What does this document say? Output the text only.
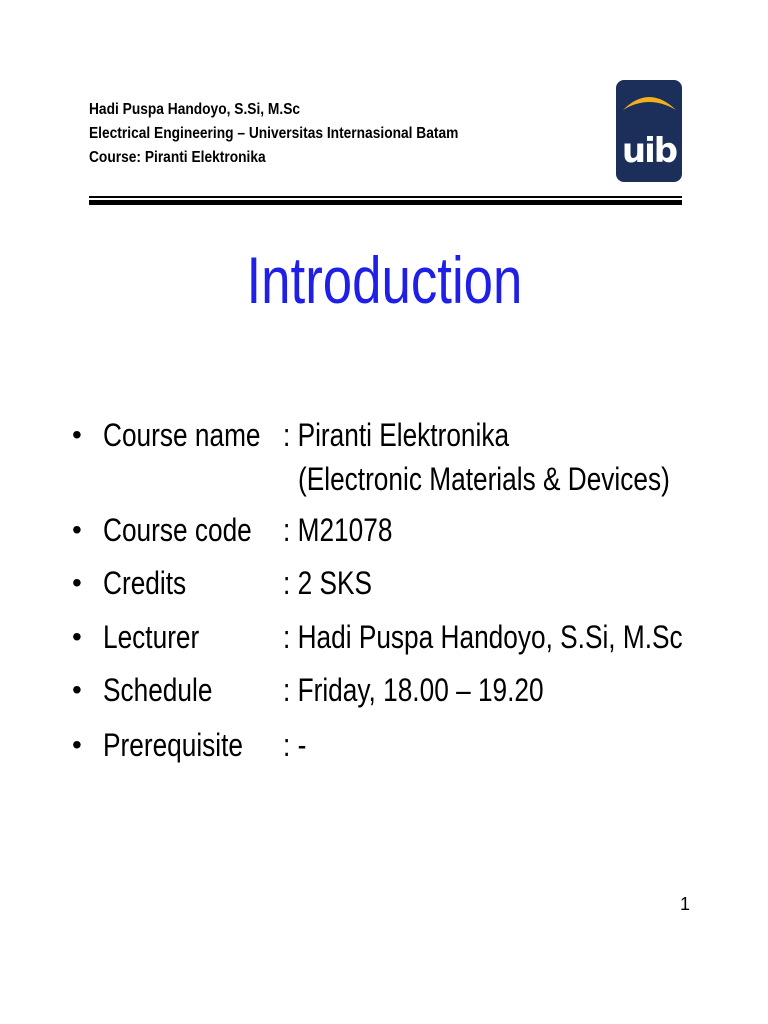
Hadi Puspa Handoyo, S.Si, M.Sc
Electrical Engineering – Universitas Internasional Batam
Course: Piranti Elektronika	uib
Introduction
• Course name : Piranti Elektronika
(Electronic Materials & Devices)
• Course code : M21078
• Credits	: 2 SKS
• Lecturer	: Hadi Puspa Handoyo, S.Si, M.Sc
• Schedule : Friday, 18.00 – 19.20
• Prerequisite : -
1
